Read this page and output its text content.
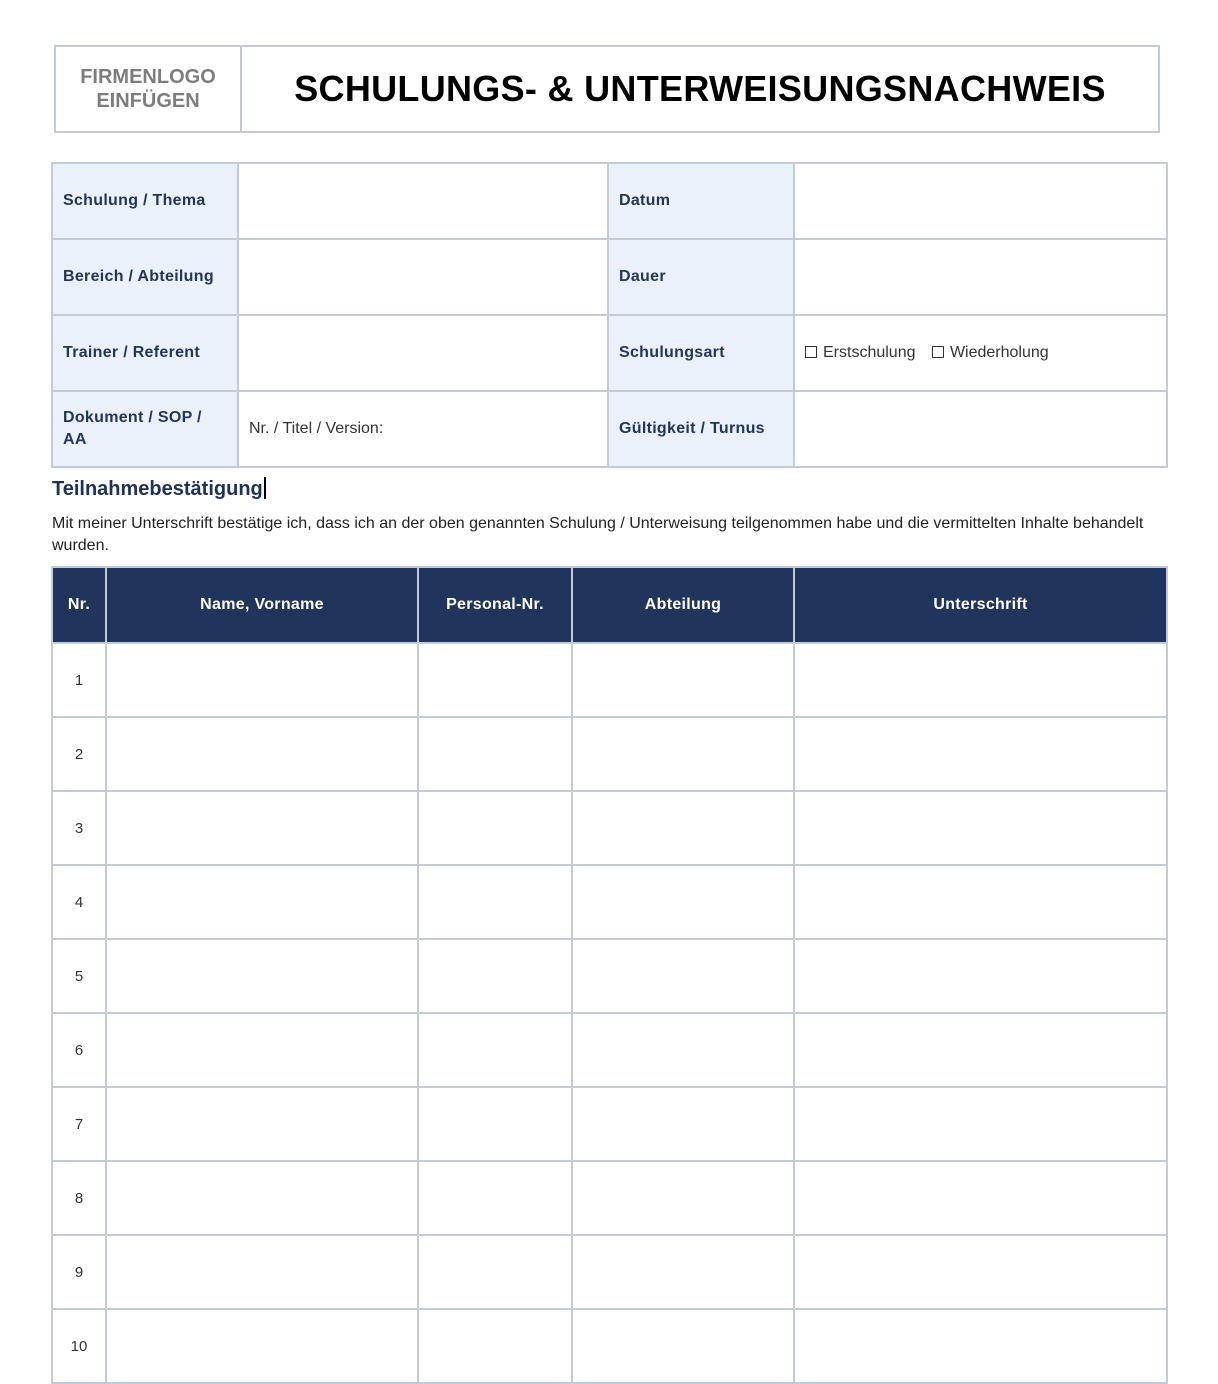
FIRMENLOGO
EINFÜGEN	SCHULUNGS- & UNTERWEISUNGSNACHWEIS
Schulung / Thema		Datum	
Bereich / Abteilung		Dauer	
Trainer / Referent		Schulungsart	Erstschulung Wiederholung
Dokument / SOP / AA	Nr. / Titel / Version:	Gültigkeit / Turnus	
Teilnahmebestätigung
Mit meiner Unterschrift bestätige ich, dass ich an der oben genannten Schulung / Unterweisung teilgenommen habe und die vermittelten Inhalte behandelt wurden.
Nr.	Name, Vorname	Personal-Nr.	Abteilung	Unterschrift
1				
2				
3				
4				
5				
6				
7				
8				
9				
10				
